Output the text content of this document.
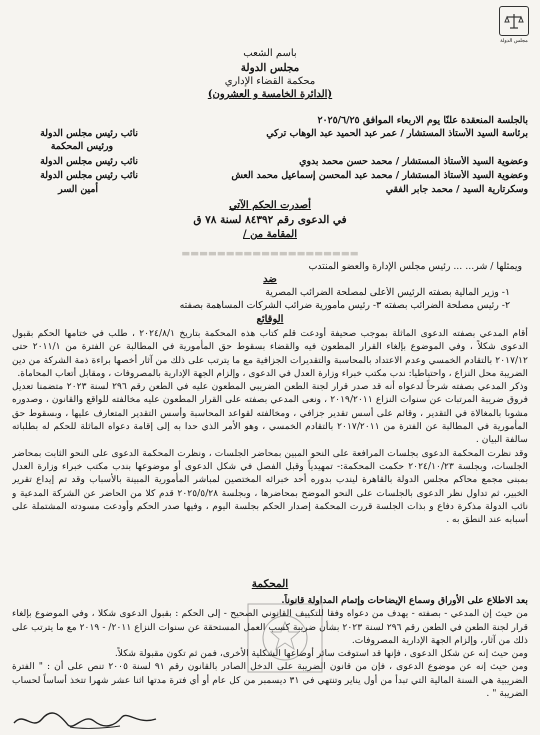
مجلس الدولة
باسم الشعب
مجلس الدولة
محكمة القضاء الإداري
(الدائرة الخامسة و العشرون)
بالجلسة المنعقدة علنًا يوم الاربعاء الموافق ٢٠٢٥/٦/٢٥
برئاسة السيد الأستاذ المستشار / عمر عبد الحميد عبد الوهاب تركي
نائب رئيس مجلس الدولة
ورئيس المحكمة
وعضوية السيد الأستاذ المستشار / محمد حسن محمد بدوي
نائب رئيس مجلس الدولة
وعضوية السيد الأستاذ المستشار / محمد عبد المحسن إسماعيل محمد العش
نائب رئيس مجلس الدولة
وسكرتارية السيد / محمد جابر الفقي
أمين السر
أصدرت الحكم الآتي
في الدعوى رقم ٨٤٣٩٢ لسنة ٧٨ ق
المقامة من /
▬▬▬▬▬▬▬▬▬▬▬▬▬▬▬▬▬▬▬▬
ويمثلها / شر... ... رئيس مجلس الإدارة والعضو المنتدب
ضد
١- وزير المالية بصفته الرئيس الأعلى لمصلحة الضرائب المصرية
٢- رئيس مصلحة الضرائب بصفته ٣- رئيس مأمورية ضرائب الشركات المساهمة بصفته
الوقائع

أقام المدعي بصفته الدعوى الماثلة بموجب صحيفة أودعت قلم كتاب هذه المحكمة بتاريخ ٢٠٢٤/٨/١ ، طلب في ختامها الحكم بقبول الدعوى شكلاً ، وفي الموضوع بإلغاء القرار المطعون فيه والقضاء بسقوط حق المأمورية في المطالبة عن الفترة من ٢٠١١/١ حتى ٢٠١٧/١٢ بالتقادم الخمسي وعدم الاعتداد بالمحاسبة والتقديرات الجزافية مع ما يترتب على ذلك من آثار أخصها براءة ذمة الشركة من دين الضريبة محل النزاع ، واحتياطيا: ندب مكتب خبراء وزارة العدل في الدعوى ، وإلزام الجهة الإدارية بالمصروفات ، ومقابل أتعاب المحاماة.

وذكر المدعي بصفته شرحاً لدعواه أنه قد صدر قرار لجنة الطعن الضريبي المطعون عليه في الطعن رقم ٢٩٦ لسنة ٢٠٢٣ متضمنا تعديل فروق ضريبة المرتبات عن سنوات النزاع ٢٠١٩/٢٠١١ ، ونعى المدعي بصفته على القرار المطعون عليه مخالفته للواقع والقانون ، وصدوره مشوبا بالمغالاة في التقدير ، وقائم على أسس تقدير جزافي ، ومخالفته لقواعد المحاسبة وأسس التقدير المتعارف عليها ، وبسقوط حق المأمورية في المطالبة عن الفترة من ٢٠١٧/٢٠١١ بالتقادم الخمسي ، وهو الأمر الذي حدا به إلى إقامة دعواه الماثلة للحكم له بطلباته سالفة البيان .

وقد نظرت المحكمة الدعوى بجلسات المرافعة على النحو المبين بمحاضر الجلسات ، ونظرت المحكمة الدعوى على النحو الثابت بمحاضر الجلسات، وبجلسة ٢٠٢٤/١٠/٢٣ حكمت المحكمة:- تمهيدياً وقبل الفصل في شكل الدعوى أو موضوعها بندب مكتب خبراء وزارة العدل بمبنى مجمع محاكم مجلس الدولة بالقاهرة ليندب بدوره أحد خبرائه المختصين لمباشر المأمورية المبينة بالأسباب وقد تم إيداع تقرير الخبير، ثم تداول نظر الدعوى بالجلسات على النحو الموضح بمحاضرها ، وبجلسة ٢٠٢٥/٥/٢٨ قدم كلا من الحاضر عن الشركة المدعية و نائب الدولة مذكرة دفاع و بذات الجلسة قررت المحكمة إصدار الحكم بجلسة اليوم ، وفيها صدر الحكم وأودعت مسودته المشتملة على أسبابه عند النطق به .

المحكمة

بعد الاطلاع على الأوراق وسماع الإيضاحات وإتمام المداولة قانوناً.

من حيث إن المدعي - بصفته - يهدف من دعواه وفقا للتكييف القانوني الصحيح - إلى الحكم : بقبول الدعوى شكلا ، وفي الموضوع بإلغاء قرار لجنة الطعن في الطعن رقم ٢٩٦ لسنة ٢٠٢٣ بشأن ضريبة كسب العمل المستحقة عن سنوات النزاع ٢٠١١/ - ٢٠١٩ مع ما يترتب على ذلك من آثار، وإلزام الجهة الإدارية المصروفات.

ومن حيث إنه عن شكل الدعوى ، فإنها قد استوفت سائر أوضاعها الشكلية الأخرى، فمن ثم تكون مقبولة شكلاً.

ومن حيث إنه عن موضوع الدعوى ، فإن من قانون الضريبة على الدخل الصادر بالقانون رقم ٩١ لسنة ٢٠٠٥ تنص على أن : " الفترة الضريبية هي السنة المالية التي تبدأ من أول يناير وتنتهي في ٣١ ديسمبر من كل عام أو أي فترة مدتها اثنا عشر شهرا تتخذ أساساً لحساب الضريبة " .
